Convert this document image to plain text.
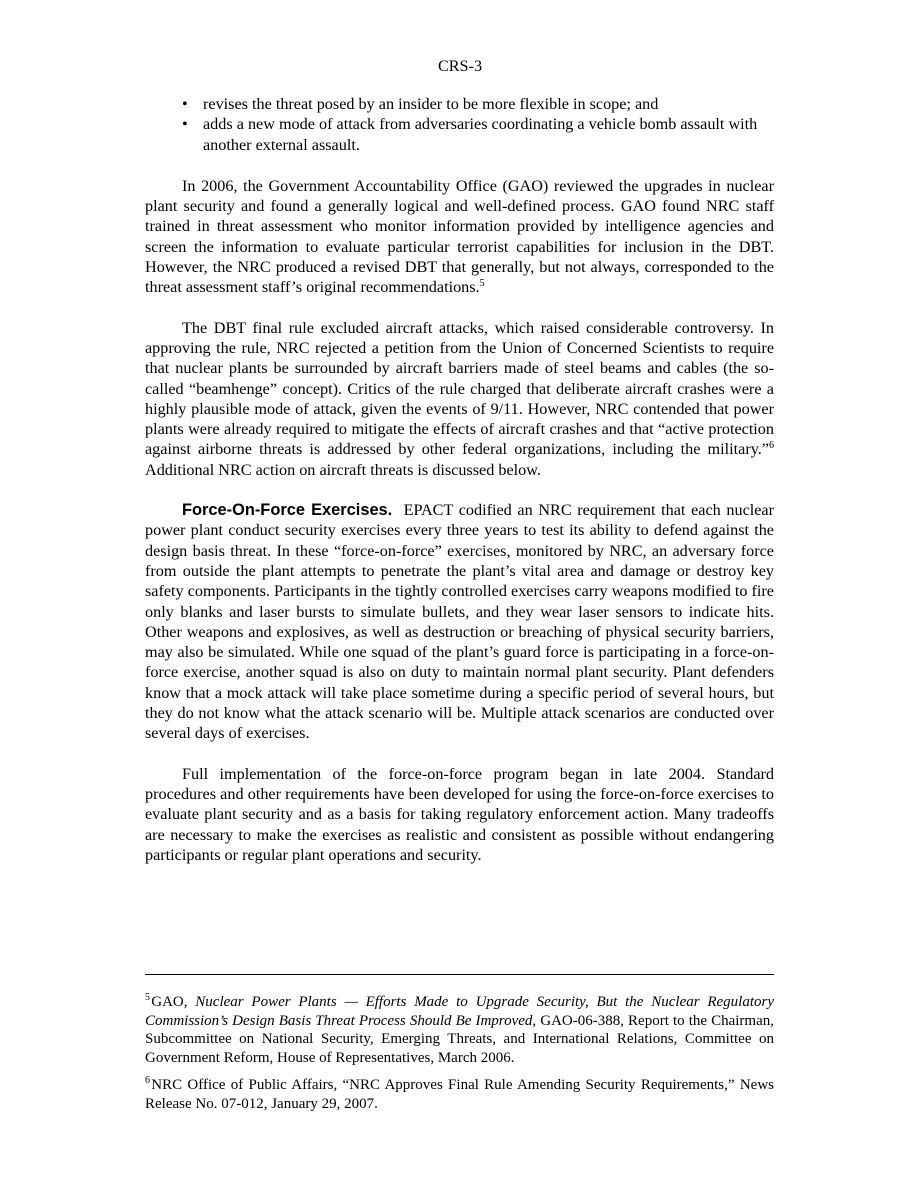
CRS-3
• revises the threat posed by an insider to be more flexible in scope; and
• adds a new mode of attack from adversaries coordinating a vehicle bomb assault with another external assault.

In 2006, the Government Accountability Office (GAO) reviewed the upgrades in nuclear plant security and found a generally logical and well-defined process. GAO found NRC staff trained in threat assessment who monitor information provided by intelligence agencies and screen the information to evaluate particular terrorist capabilities for inclusion in the DBT. However, the NRC produced a revised DBT that generally, but not always, corresponded to the threat assessment staff’s original recommendations.$^5$

The DBT final rule excluded aircraft attacks, which raised considerable controversy. In approving the rule, NRC rejected a petition from the Union of Concerned Scientists to require that nuclear plants be surrounded by aircraft barriers made of steel beams and cables (the so-called “beamhenge” concept). Critics of the rule charged that deliberate aircraft crashes were a highly plausible mode of attack, given the events of 9/11. However, NRC contended that power plants were already required to mitigate the effects of aircraft crashes and that “active protection against airborne threats is addressed by other federal organizations, including the military.”$^6$ Additional NRC action on aircraft threats is discussed below.

Force-On-Force Exercises. EPACT codified an NRC requirement that each nuclear power plant conduct security exercises every three years to test its ability to defend against the design basis threat. In these “force-on-force” exercises, monitored by NRC, an adversary force from outside the plant attempts to penetrate the plant’s vital area and damage or destroy key safety components. Participants in the tightly controlled exercises carry weapons modified to fire only blanks and laser bursts to simulate bullets, and they wear laser sensors to indicate hits. Other weapons and explosives, as well as destruction or breaching of physical security barriers, may also be simulated. While one squad of the plant’s guard force is participating in a force-on-force exercise, another squad is also on duty to maintain normal plant security. Plant defenders know that a mock attack will take place sometime during a specific period of several hours, but they do not know what the attack scenario will be. Multiple attack scenarios are conducted over several days of exercises.

Full implementation of the force-on-force program began in late 2004. Standard procedures and other requirements have been developed for using the force-on-force exercises to evaluate plant security and as a basis for taking regulatory enforcement action. Many tradeoffs are necessary to make the exercises as realistic and consistent as possible without endangering participants or regular plant operations and security.

$^5$ GAO, Nuclear Power Plants — Efforts Made to Upgrade Security, But the Nuclear Regulatory Commission’s Design Basis Threat Process Should Be Improved, GAO-06-388, Report to the Chairman, Subcommittee on National Security, Emerging Threats, and International Relations, Committee on Government Reform, House of Representatives, March 2006.

$^6$ NRC Office of Public Affairs, “NRC Approves Final Rule Amending Security Requirements,” News Release No. 07-012, January 29, 2007.
